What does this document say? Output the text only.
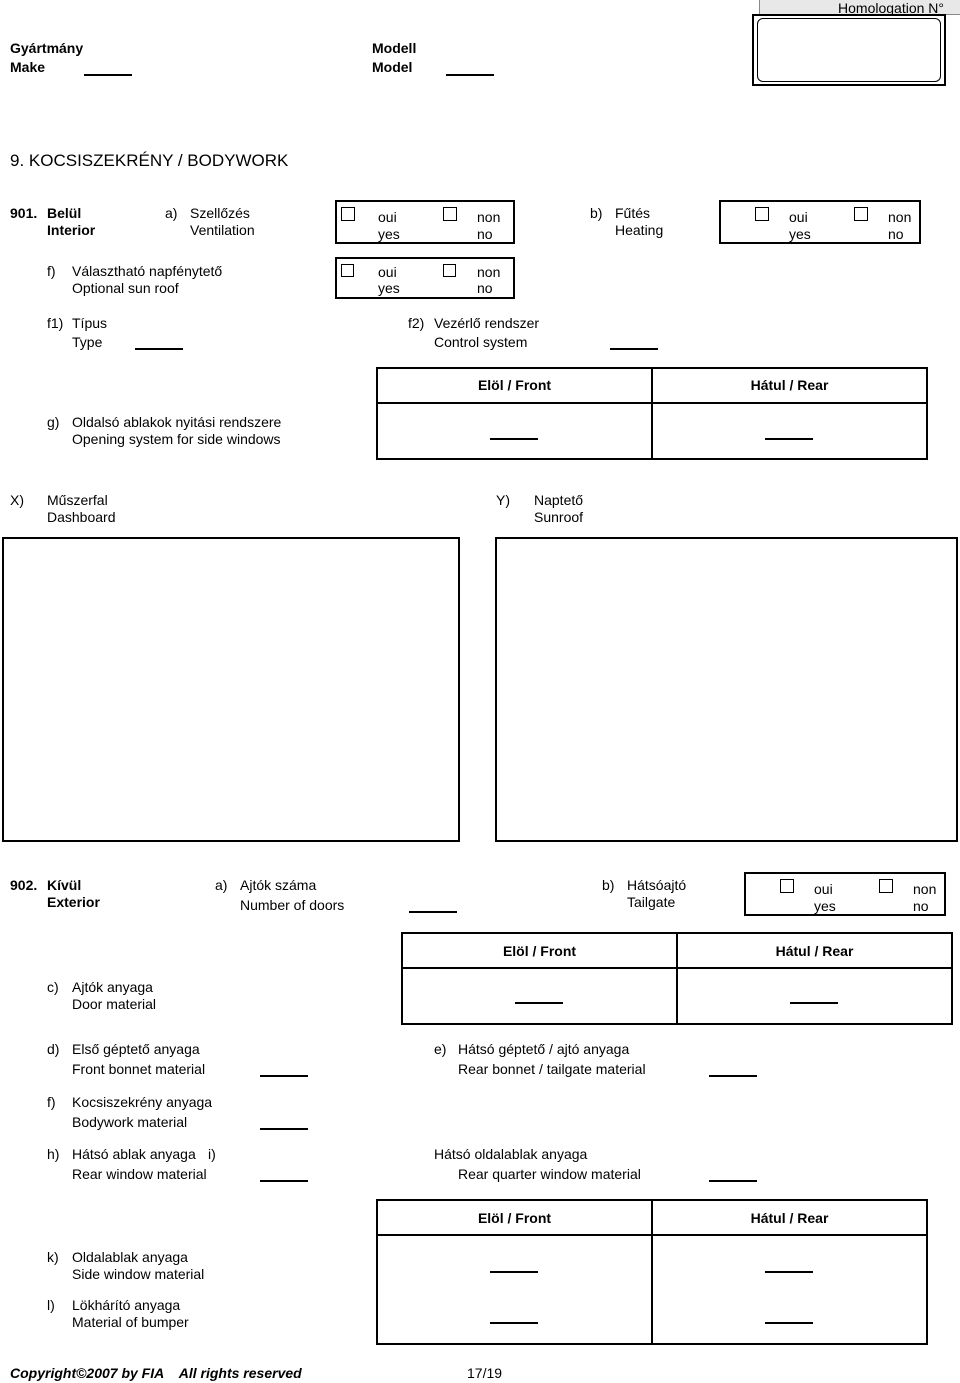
Homologation N°
Gyártmány
Make
Modell
Model
9. KOCSISZEKRÉNY / BODYWORK
901. Belül
Interior
a) Szellőzés
Ventilation
oui
yes
non
no
b) Fűtés
Heating
oui
yes
non
no
f) Választható napfénytető
Optional sun roof
oui
yes
non
no
f1) Típus
Type
f2) Vezérlő rendszer
Control system
Elöl / Front	Hátul / Rear
g) Oldalsó ablakok nyitási rendszere
Opening system for side windows
X) Műszerfal
Dashboard
Y) Naptető
Sunroof
902. Kívül
Exterior
a) Ajtók száma
Number of doors
b) Hátsóajtó
Tailgate
oui
yes
non
no
Elöl / Front	Hátul / Rear
c) Ajtók anyaga
Door material
d) Első géptető anyaga
Front bonnet material
e) Hátsó géptető / ajtó anyaga
Rear bonnet / tailgate material
f) Kocsiszekrény anyaga
Bodywork material
h) Hátsó ablak anyaga i)
Rear window material
Hátsó oldalablak anyaga
Rear quarter window material
Elöl / Front	Hátul / Rear
k) Oldalablak anyaga
Side window material
l) Lökhárító anyaga
Material of bumper
Copyright©2007 by FIA    All rights reserved	17/19
